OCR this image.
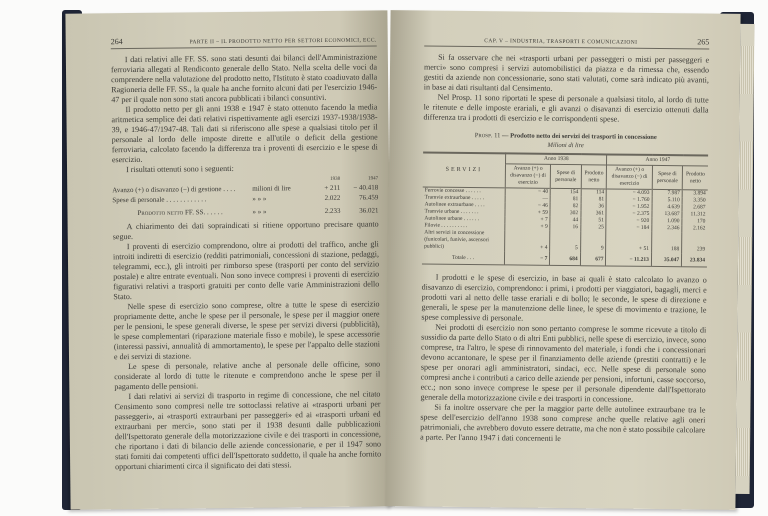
264	PARTE II – IL PRODOTTO NETTO PER SETTORI ECONOMICI, ECC.

I dati relativi alle FF. SS. sono stati desunti dai bilanci dell'Amministrazione ferroviaria allegati al Rendiconto generale dello Stato. Nella scelta delle voci da comprendere nella valutazione del prodotto netto, l'Istituto è stato coadiuvato dalla Ragioneria delle FF. SS., la quale ha anche fornito alcuni dati per l'esercizio 1946-47 per il quale non sono stati ancora pubblicati i bilanci consuntivi.

Il prodotto netto per gli anni 1938 e 1947 è stato ottenuto facendo la media aritmetica semplice dei dati relativi rispettivamente agli esercizi 1937-1938/1938-39, e 1946-47/1947-48. Tali dati si riferiscono alle spese a qualsiasi titolo per il personale al lordo delle imposte dirette e all'utile o deficit della gestione ferroviaria, calcolato facendo la differenza tra i proventi di esercizio e le spese di esercizio.

I risultati ottenuti sono i seguenti:

1938	1947
Avanzo (+) o disavanzo (−) di gestione . . . .	milioni di lire	+ 211	− 40.418
Spese di personale . . . . . . . . . . . .	» » »	2.022	76.459
Prodotto netto FF. SS. . . . . .	» » »	2.233	36.021

A chiarimento dei dati sopraindicati si ritiene opportuno precisare quanto segue.

I proventi di esercizio comprendono, oltre ai prodotti del traffico, anche gli introiti indiretti di esercizio (redditi patrimoniali, concessioni di stazione, pedaggi, telegrammi, ecc.), gli introiti per rimborso spese (trasporti per conto del servizio postale) e altre entrate eventuali. Non sono invece compresi i proventi di esercizio figurativi relativi a trasporti gratuiti per conto delle varie Amministrazioni dello Stato.

Nelle spese di esercizio sono comprese, oltre a tutte le spese di esercizio propriamente dette, anche le spese per il personale, le spese per il maggior onere per le pensioni, le spese generali diverse, le spese per servizi diversi (pubblicità), le spese complementari (riparazione materiale fisso e mobile), le spese accessorie (interessi passivi, annualità di ammortamento), le spese per l'appalto delle stazioni e dei servizi di stazione.

Le spese di personale, relative anche al personale delle officine, sono considerate al lordo di tutte le ritenute e comprendono anche le spese per il pagamento delle pensioni.

I dati relativi ai servizi di trasporto in regime di concessione, che nel citato Censimento sono compresi nelle tre sottoclassi relative ai «trasporti urbani per passeggeri», ai «trasporti extraurbani per passeggeri» ed ai «trasporti urbani ed extraurbani per merci», sono stati per il 1938 desunti dalle pubblicazioni dell'Ispettorato generale della motorizzazione civile e dei trasporti in concessione, che riportano i dati di bilancio delle aziende concessionarie, e per il 1947 sono stati forniti dai competenti uffici dell'Ispettorato suddetto, il quale ha anche fornito opportuni chiarimenti circa il significato dei dati stessi.

CAP. V – INDUSTRIA, TRASPORTI E COMUNICAZIONI	265

Si fa osservare che nei «trasporti urbani per passeggeri o misti per passeggeri e merci» sono compresi i servizi automobilistici da piazza e da rimessa che, essendo gestiti da aziende non concessionarie, sono stati valutati, come sarà indicato più avanti, in base ai dati risultanti dal Censimento.

Nel Prosp. 11 sono riportati le spese di personale a qualsiasi titolo, al lordo di tutte le ritenute e delle imposte erariali, e gli avanzi o disavanzi di esercizio ottenuti dalla differenza tra i prodotti di esercizio e le corrispondenti spese.

Prosp. 11 — Prodotto netto dei servizi dei trasporti in concessione
Milioni di lire
SERVIZI	Anno 1938			Anno 1947		
	Avanzo (+) o disavanzo (−) di esercizio	Spese di personale	Prodotto netto	Avanzo (+) o disavanzo (−) di esercizio	Spese di personale	Prodotto netto
Ferrovie concesse . . . . . .	− 40	154	114	− 4.093	7.987	3.894
Tramvie extraurbane . . . . .	—	81	81	− 1.760	5.110	3.350
Autolinee extraurbane . . . .	− 46	82	36	− 1.952	4.639	2.687
Tramvie urbane . . . . . . .	+ 59	302	361	− 2.375	13.687	11.312
Autolinee urbane . . . . . .	+ 7	44	51	− 920	1.090	170
Filovie . . . . . . . . . .	+ 9	16	25	− 184	2.346	2.162
Altri servizi in concessione (funicolari, funivie, ascensori pubblici)	+ 4	5	9	+ 51	188	239
Totale . . .	− 7	684	677	− 11.213	35.047	23.834

I prodotti e le spese di esercizio, in base ai quali è stato calcolato lo avanzo o disavanzo di esercizio, comprendono: i primi, i prodotti per viaggiatori, bagagli, merci e prodotti vari al netto delle tasse erariali e di bollo; le seconde, le spese di direzione e generali, le spese per la manutenzione delle linee, le spese di movimento e trazione, le spese complessive di personale.

Nei prodotti di esercizio non sono pertanto comprese le somme ricevute a titolo di sussidio da parte dello Stato o di altri Enti pubblici, nelle spese di esercizio, invece, sono comprese, tra l'altro, le spese di rinnovamento del materiale, i fondi che i concessionari devono accantonare, le spese per il finanziamento delle aziende (prestiti contratti) e le spese per onorari agli amministratori, sindaci, ecc. Nelle spese di personale sono compresi anche i contributi a carico delle aziende per pensioni, infortuni, casse soccorso, ecc.; non sono invece comprese le spese per il personale dipendente dall'Ispettorato generale della motorizzazione civile e dei trasporti in concessione.

Si fa inoltre osservare che per la maggior parte delle autolinee extraurbane tra le spese dell'esercizio dell'anno 1938 sono comprese anche quelle relative agli oneri patrimoniali, che avrebbero dovuto essere detratte, ma che non è stato possibile calcolare a parte. Per l'anno 1947 i dati concernenti le
